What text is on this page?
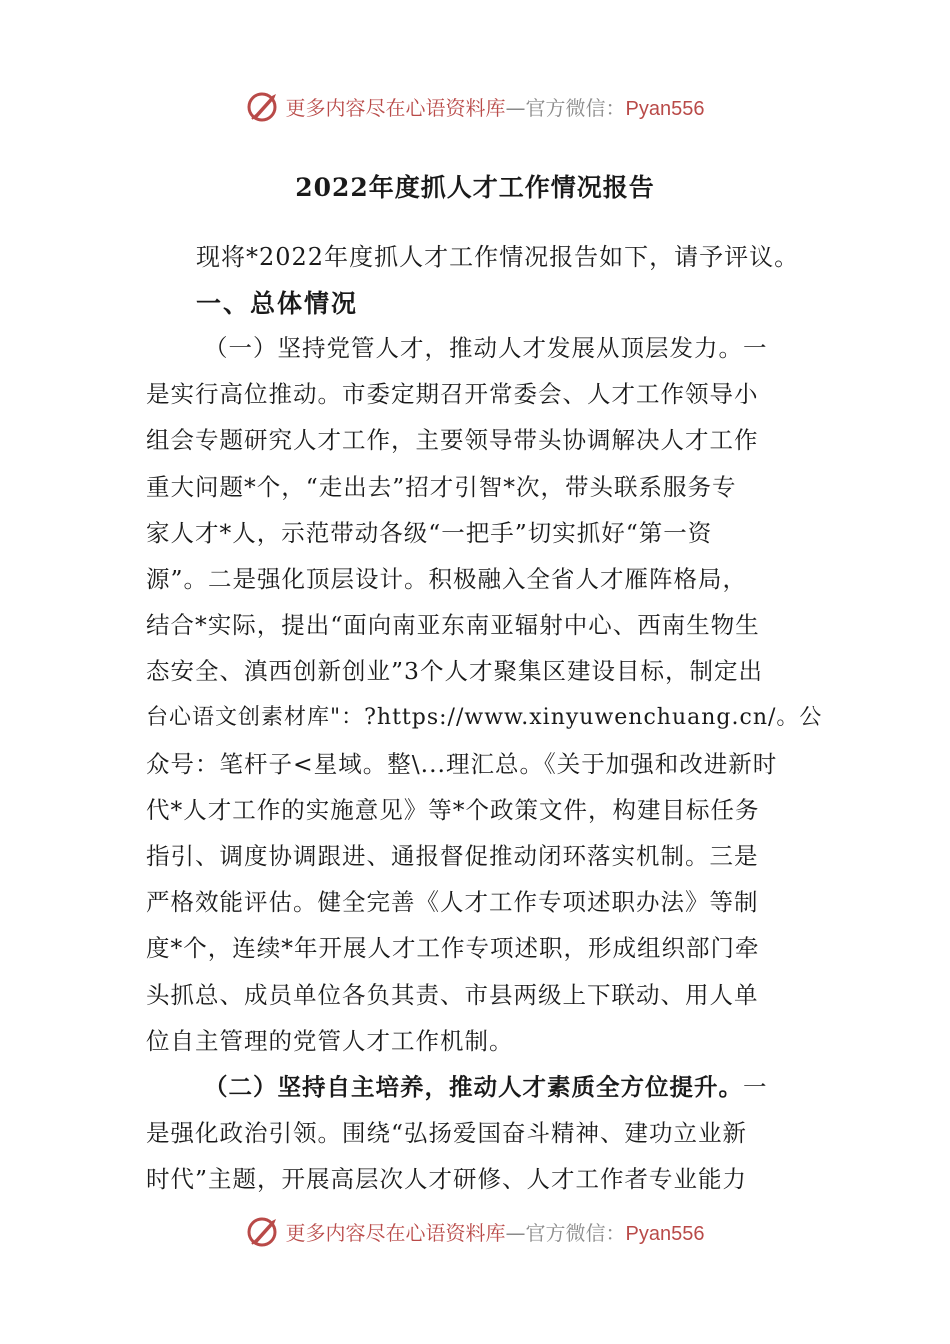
更多内容尽在心语资料库—官方微信：Pyan556
2022年度抓人才工作情况报告
现将*2022年度抓人才工作情况报告如下，请予评议。
一、总体情况
（一）坚持党管人才，推动人才发展从顶层发力。一
是实行高位推动。市委定期召开常委会、人才工作领导小
组会专题研究人才工作，主要领导带头协调解决人才工作
重大问题*个，“走出去”招才引智*次，带头联系服务专
家人才*人，示范带动各级“一把手”切实抓好“第一资
源”。二是强化顶层设计。积极融入全省人才雁阵格局，
结合*实际，提出“面向南亚东南亚辐射中心、西南生物生
态安全、滇西创新创业”3个人才聚集区建设目标，制定出
台心语文创素材库"：?https://www.xinyuwenchuang.cn/。公
众号：笔杆子<星域。整\...理汇总。《关于加强和改进新时
代*人才工作的实施意见》等*个政策文件，构建目标任务
指引、调度协调跟进、通报督促推动闭环落实机制。三是
严格效能评估。健全完善《人才工作专项述职办法》等制
度*个，连续*年开展人才工作专项述职，形成组织部门牵
头抓总、成员单位各负其责、市县两级上下联动、用人单
位自主管理的党管人才工作机制。
（二）坚持自主培养，推动人才素质全方位提升。一
是强化政治引领。围绕“弘扬爱国奋斗精神、建功立业新
时代”主题，开展高层次人才研修、人才工作者专业能力
更多内容尽在心语资料库—官方微信：Pyan556
